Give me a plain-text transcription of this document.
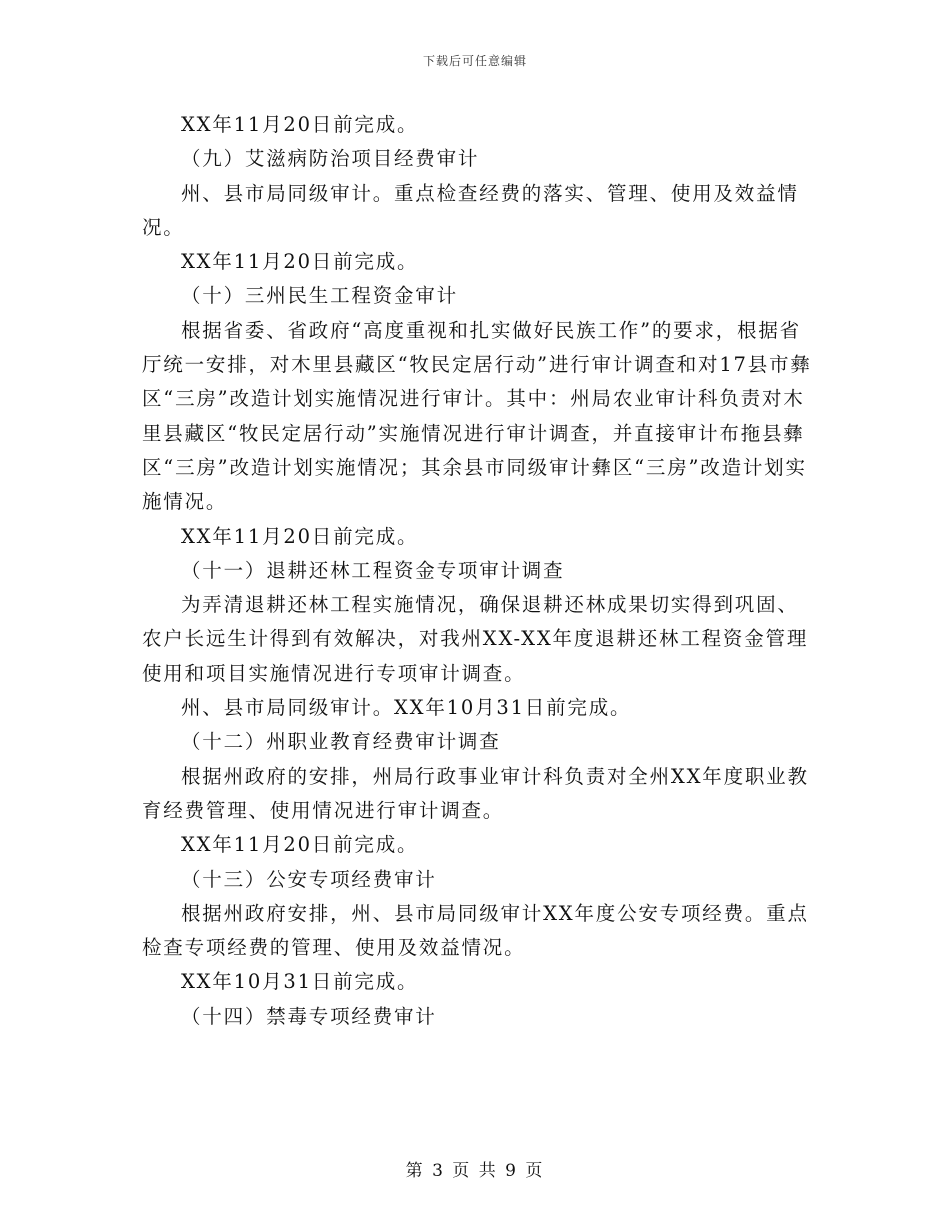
下载后可任意编辑

XX年11月20日前完成。

（九）艾滋病防治项目经费审计

州、县市局同级审计。重点检查经费的落实、管理、使用及效益情况。

XX年11月20日前完成。

（十）三州民生工程资金审计

根据省委、省政府“高度重视和扎实做好民族工作”的要求，根据省厅统一安排，对木里县藏区“牧民定居行动”进行审计调查和对17县市彝区“三房”改造计划实施情况进行审计。其中：州局农业审计科负责对木里县藏区“牧民定居行动”实施情况进行审计调查，并直接审计布拖县彝区“三房”改造计划实施情况；其余县市同级审计彝区“三房”改造计划实施情况。

XX年11月20日前完成。

（十一）退耕还林工程资金专项审计调查

为弄清退耕还林工程实施情况，确保退耕还林成果切实得到巩固、农户长远生计得到有效解决，对我州XX-XX年度退耕还林工程资金管理使用和项目实施情况进行专项审计调查。

州、县市局同级审计。XX年10月31日前完成。

（十二）州职业教育经费审计调查

根据州政府的安排，州局行政事业审计科负责对全州XX年度职业教育经费管理、使用情况进行审计调查。

XX年11月20日前完成。

（十三）公安专项经费审计

根据州政府安排，州、县市局同级审计XX年度公安专项经费。重点检查专项经费的管理、使用及效益情况。

XX年10月31日前完成。

（十四）禁毒专项经费审计

第 3 页 共 9 页
